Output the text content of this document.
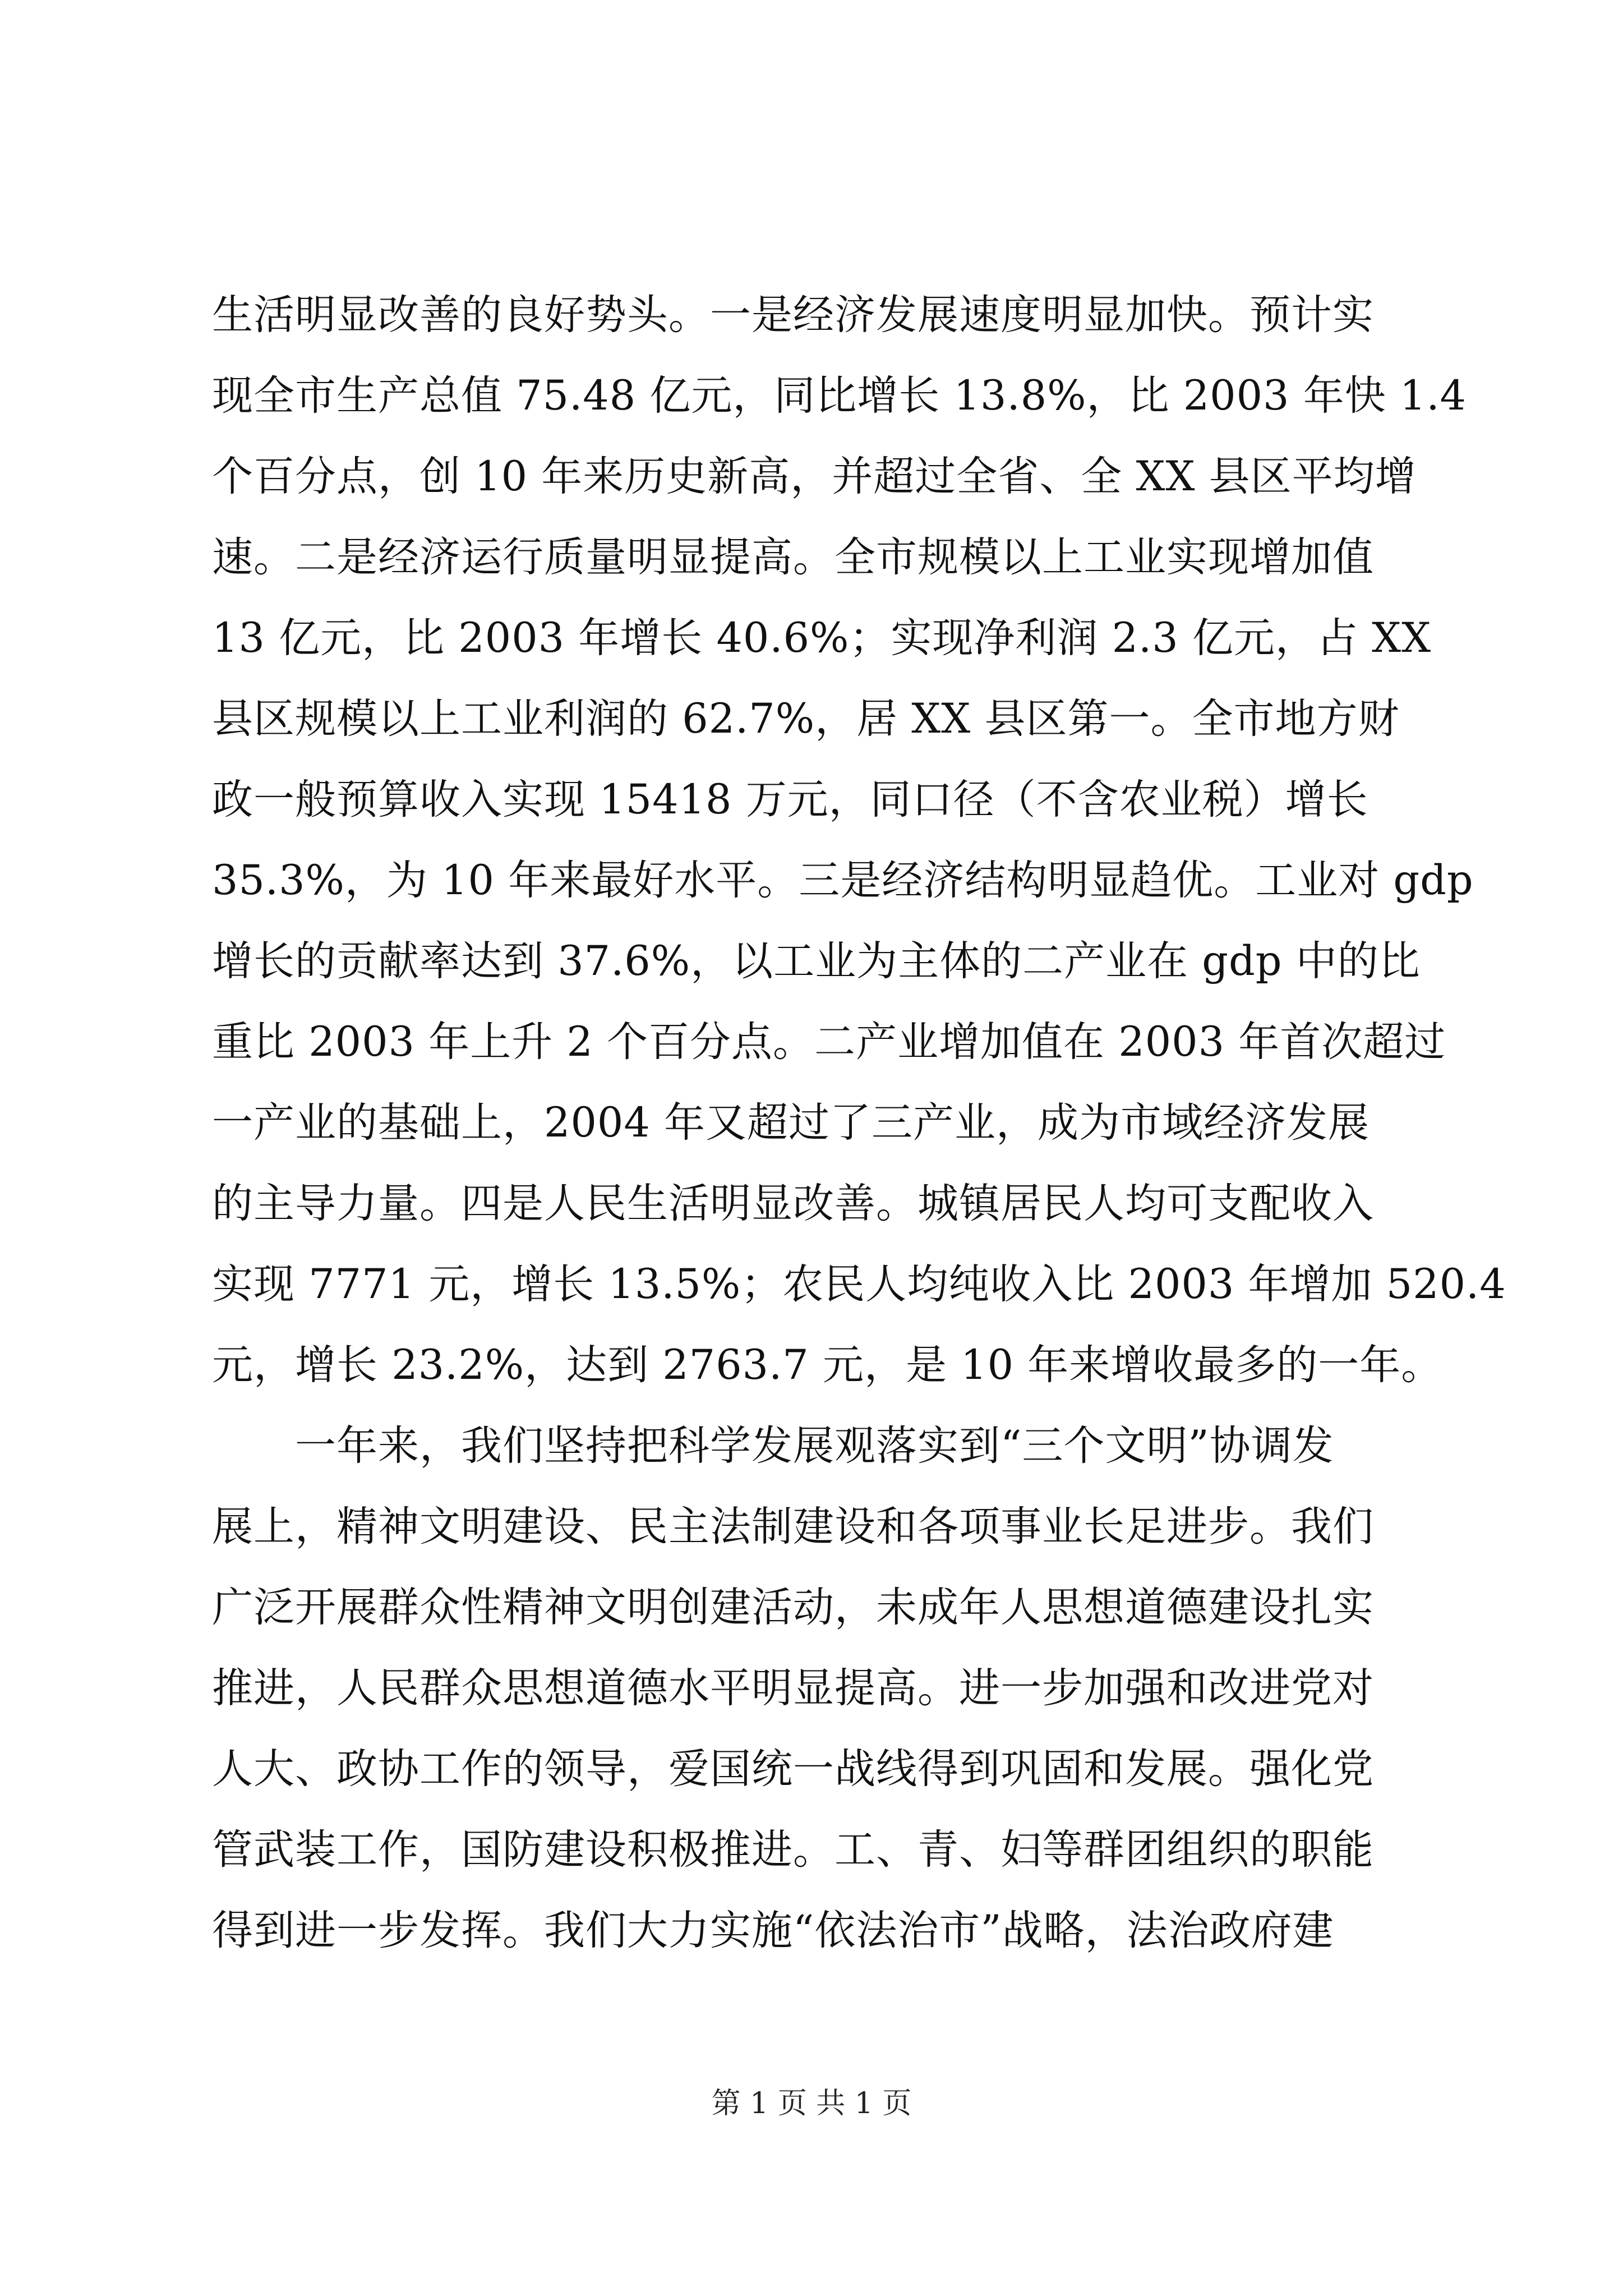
生活明显改善的良好势头。一是经济发展速度明显加快。预计实
现全市生产总值 75.48 亿元，同比增长 13.8%，比 2003 年快 1.4
个百分点，创 10 年来历史新高，并超过全省、全 XX 县区平均增
速。二是经济运行质量明显提高。全市规模以上工业实现增加值
13 亿元，比 2003 年增长 40.6%；实现净利润 2.3 亿元，占 XX
县区规模以上工业利润的 62.7%，居 XX 县区第一。全市地方财
政一般预算收入实现 15418 万元，同口径（不含农业税）增长
35.3%，为 10 年来最好水平。三是经济结构明显趋优。工业对 gdp
增长的贡献率达到 37.6%，以工业为主体的二产业在 gdp 中的比
重比 2003 年上升 2 个百分点。二产业增加值在 2003 年首次超过
一产业的基础上，2004 年又超过了三产业，成为市域经济发展
的主导力量。四是人民生活明显改善。城镇居民人均可支配收入
实现 7771 元，增长 13.5%；农民人均纯收入比 2003 年增加 520.4
元，增长 23.2%，达到 2763.7 元，是 10 年来增收最多的一年。
一年来，我们坚持把科学发展观落实到“三个文明”协调发
展上，精神文明建设、民主法制建设和各项事业长足进步。我们
广泛开展群众性精神文明创建活动，未成年人思想道德建设扎实
推进，人民群众思想道德水平明显提高。进一步加强和改进党对
人大、政协工作的领导，爱国统一战线得到巩固和发展。强化党
管武装工作，国防建设积极推进。工、青、妇等群团组织的职能
得到进一步发挥。我们大力实施“依法治市”战略，法治政府建
第 1 页 共 1 页
